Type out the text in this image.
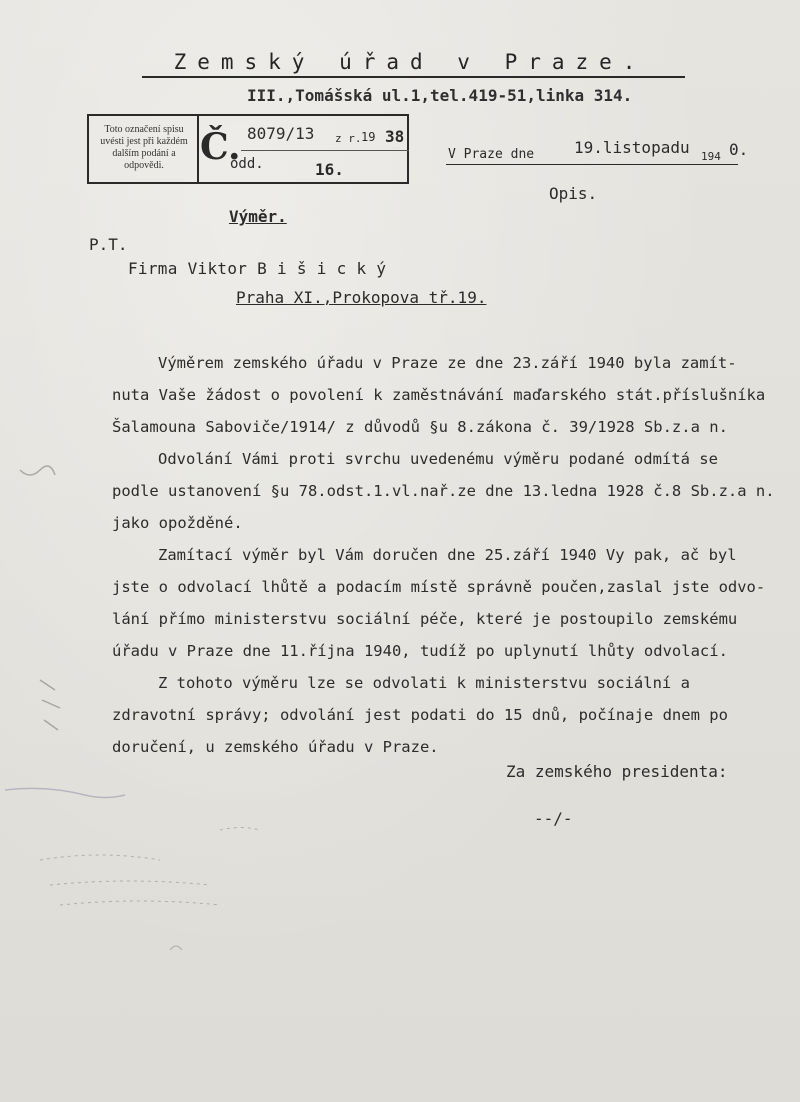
Zemský úřad v Praze.
III.,Tomášská ul.1,tel.419-51,linka 314.
Toto označení spisu uvésti jest při každém dalším podání a odpovědi.	Č. 8079/13 z r. 19 38
odd.	16.
V Praze dne 19.listopadu 194 0.
Opis.
Výměr.
P.T.
Firma Viktor B i š i c k ý
Praha XI.,Prokopova tř.19.
Výměrem zemského úřadu v Praze ze dne 23.září 1940 byla zamít-
nuta Vaše žádost o povolení k zaměstnávání maďarského stát.příslušníka
Šalamouna Saboviče/1914/ z důvodů §u 8.zákona č. 39/1928 Sb.z.a n.
Odvolání Vámi proti svrchu uvedenému výměru podané odmítá se
podle ustanovení §u 78.odst.1.vl.nař.ze dne 13.ledna 1928 č.8 Sb.z.a n.
jako opožděné.
Zamítací výměr byl Vám doručen dne 25.září 1940 Vy pak, ač byl
jste o odvolací lhůtě a podacím místě správně poučen,zaslal jste odvo-
lání přímo ministerstvu sociální péče, které je postoupilo zemskému
úřadu v Praze dne 11.října 1940, tudíž po uplynutí lhůty odvolací.
Z tohoto výměru lze se odvolati k ministerstvu sociální a
zdravotní správy; odvolání jest podati do 15 dnů, počínaje dnem po
doručení, u zemského úřadu v Praze.
Za zemského presidenta:
--/-
